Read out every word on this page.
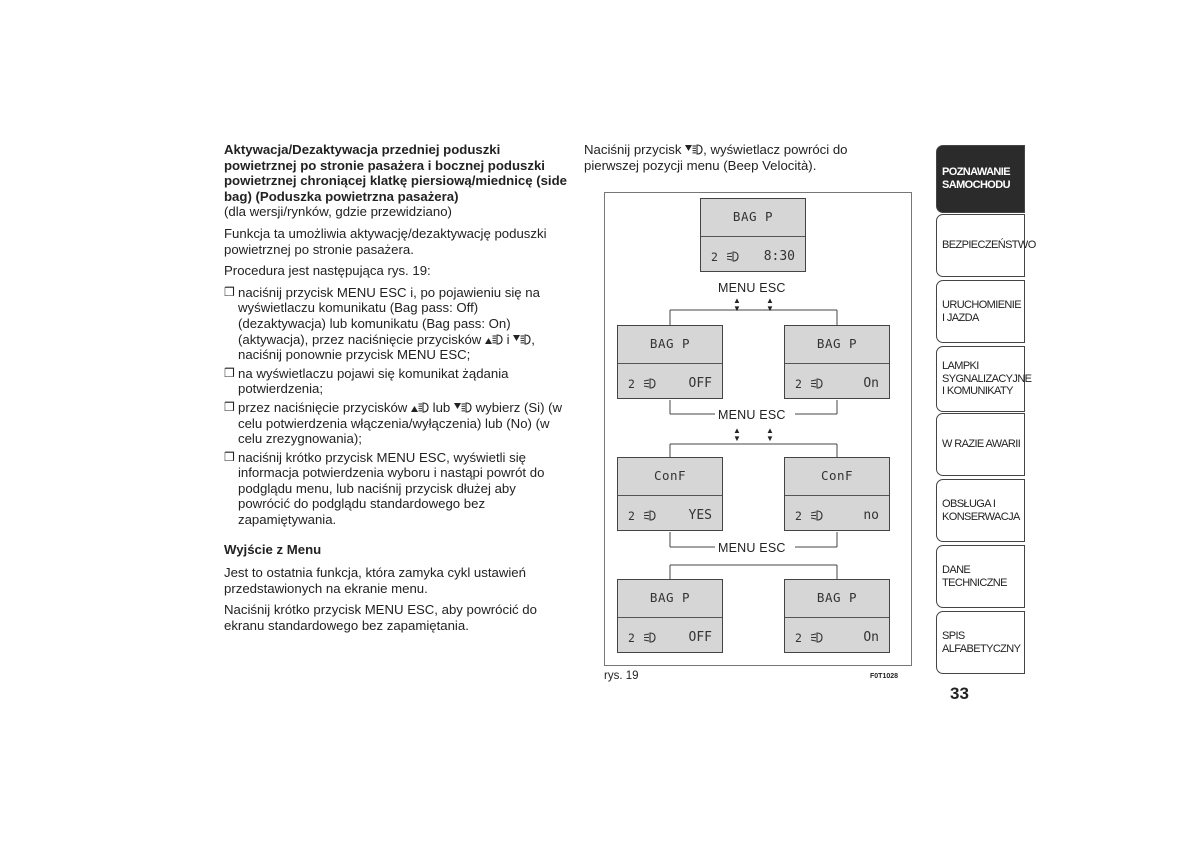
Aktywacja/Dezaktywacja przedniej poduszki powietrznej po stronie pasażera i bocznej poduszki powietrznej chroniącej klatkę piersiową/miednicę (side bag) (Poduszka powietrzna pasażera)

(dla wersji/rynków, gdzie przewidziano)

Funkcja ta umożliwia aktywację/dezaktywację poduszki powietrznej po stronie pasażera.

Procedura jest następująca rys. 19:

❒ naciśnij przycisk MENU ESC i, po pojawieniu się na wyświetlaczu komunikatu (Bag pass: Off) (dezaktywacja) lub komunikatu (Bag pass: On) (aktywacja), przez naciśnięcie przycisków i , naciśnij ponownie przycisk MENU ESC;
❒ na wyświetlaczu pojawi się komunikat żądania potwierdzenia;
❒ przez naciśnięcie przycisków lub wybierz (Si) (w celu potwierdzenia włączenia/wyłączenia) lub (No) (w celu zrezygnowania);
❒ naciśnij krótko przycisk MENU ESC, wyświetli się informacja potwierdzenia wyboru i nastąpi powrót do podglądu menu, lub naciśnij przycisk dłużej aby powrócić do podglądu standardowego bez zapamiętywania.

Wyjście z Menu

Jest to ostatnia funkcja, która zamyka cykl ustawień przedstawionych na ekranie menu.

Naciśnij krótko przycisk MENU ESC, aby powrócić do ekranu standardowego bez zapamiętania.

Naciśnij przycisk , wyświetlacz powróci do pierwszej pozycji menu (Beep Velocità).
BAG P
2	8:30
MENU ESC
▲
▼
▲
▼
BAG P
2	OFF
BAG P
2	On
MENU ESC
▲
▼
▲
▼
ConF
2	YES
ConF
2	no
MENU ESC
BAG P
2	OFF
BAG P
2	On
rys. 19	F0T1028
POZNAWANIE SAMOCHODU
BEZPIECZEŃSTWO
URUCHOMIENIE I JAZDA
LAMPKI SYGNALIZACYJNE I KOMUNIKATY
W RAZIE AWARII
OBSŁUGA I KONSERWACJA
DANE TECHNICZNE
SPIS ALFABETYCZNY
33
